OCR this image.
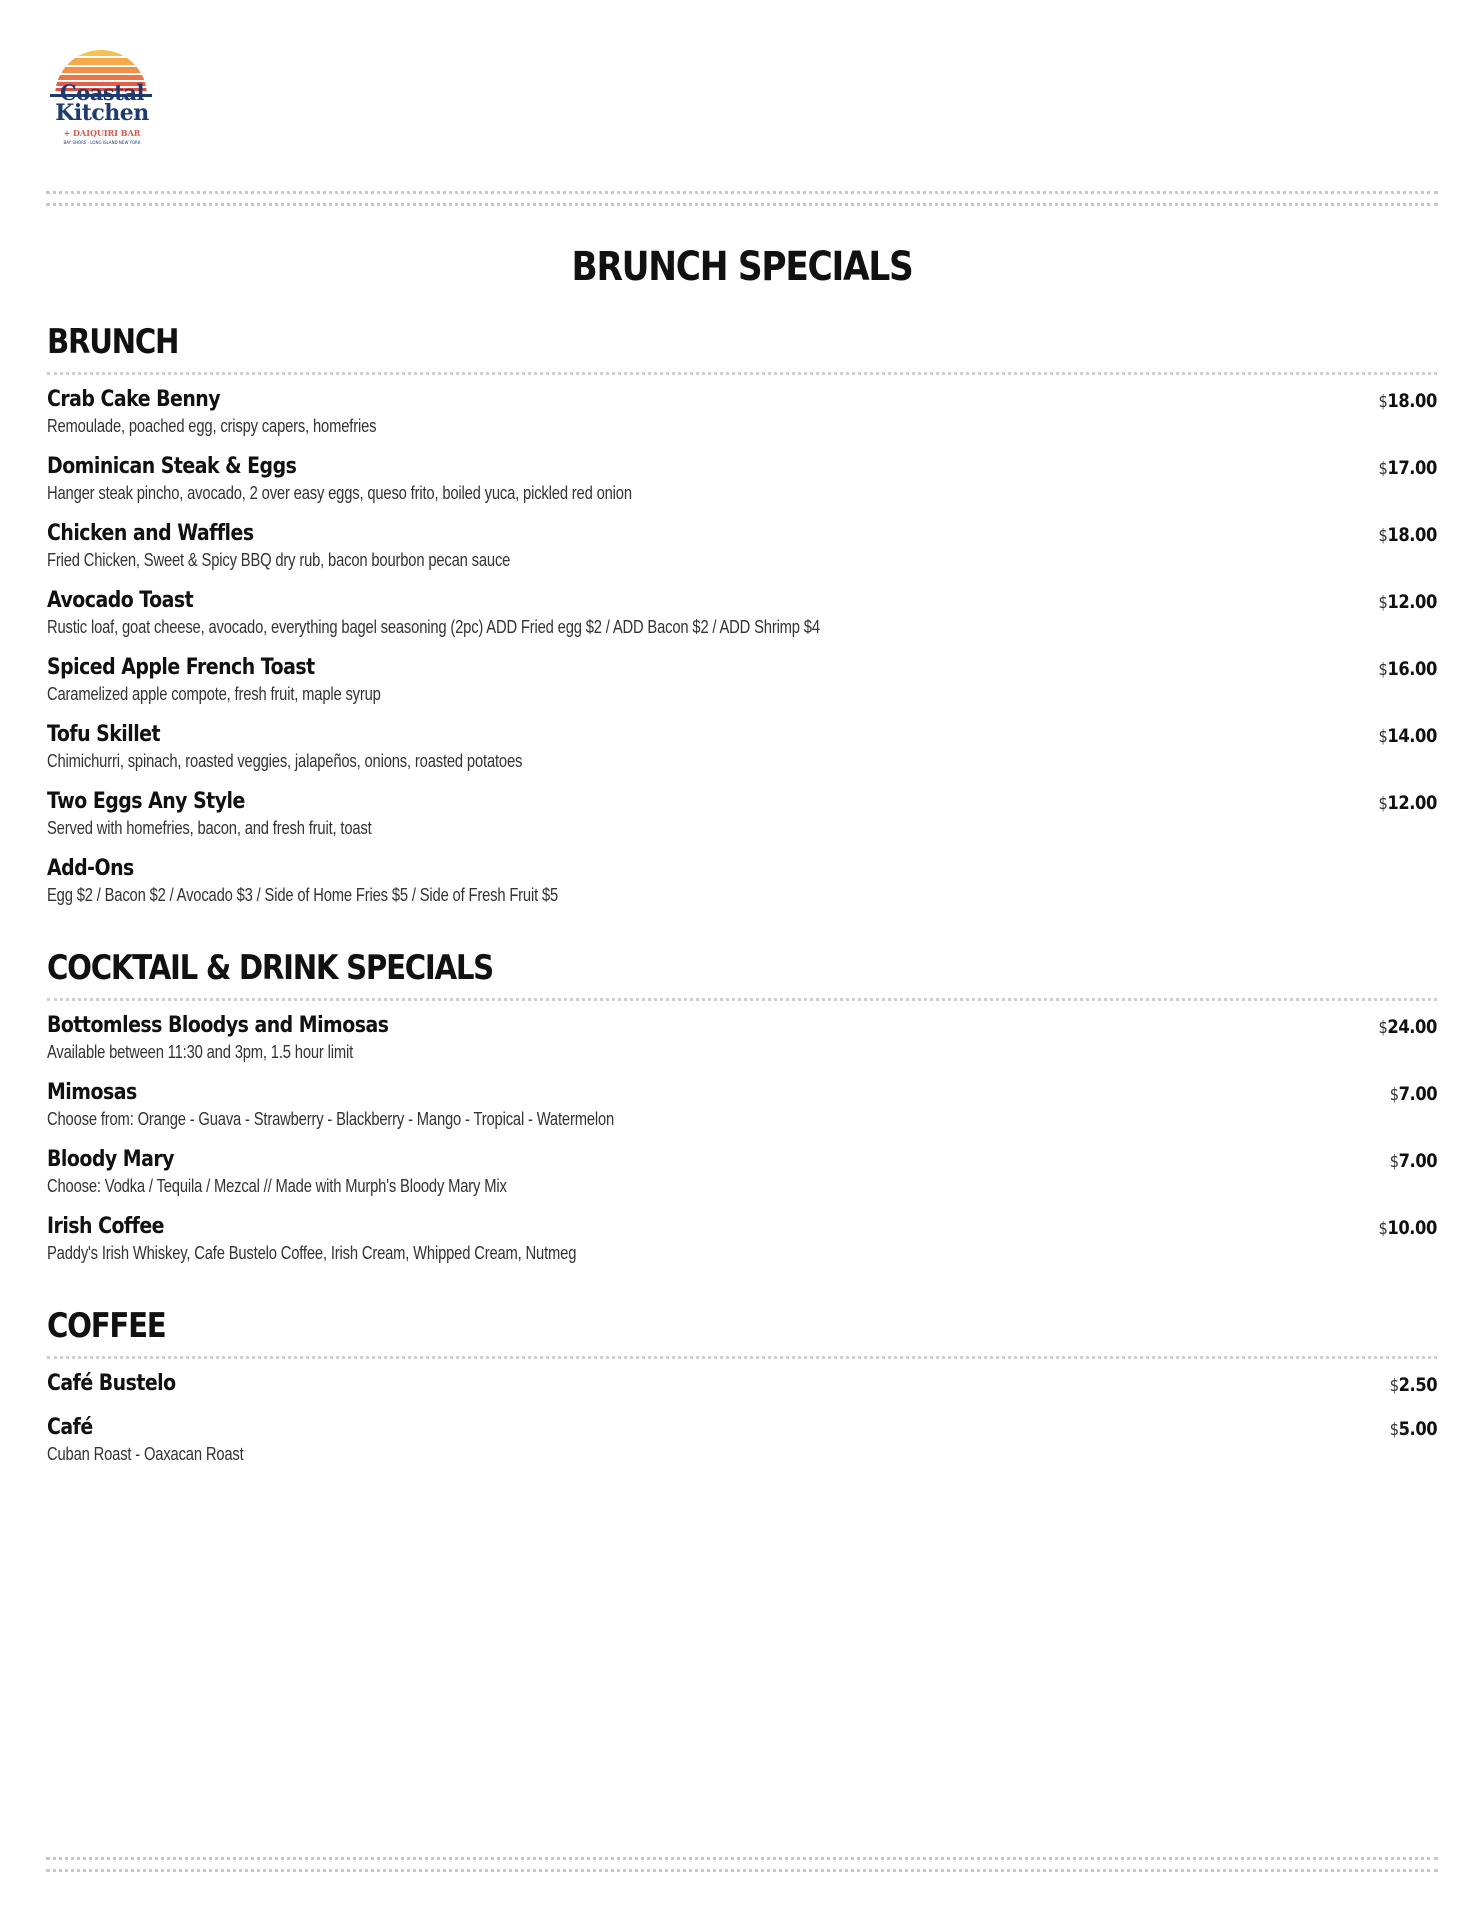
Coastal
Kitchen
+ DAIQUIRI BAR
BAY SHORE · LONG ISLAND NEW YORK
BRUNCH SPECIALS
BRUNCH
Crab Cake Benny
Remoulade, poached egg, crispy capers, homefries
$18.00
Dominican Steak & Eggs
Hanger steak pincho, avocado, 2 over easy eggs, queso frito, boiled yuca, pickled red onion
$17.00
Chicken and Waffles
Fried Chicken, Sweet & Spicy BBQ dry rub, bacon bourbon pecan sauce
$18.00
Avocado Toast
Rustic loaf, goat cheese, avocado, everything bagel seasoning (2pc) ADD Fried egg $2 / ADD Bacon $2 / ADD Shrimp $4
$12.00
Spiced Apple French Toast
Caramelized apple compote, fresh fruit, maple syrup
$16.00
Tofu Skillet
Chimichurri, spinach, roasted veggies, jalapeños, onions, roasted potatoes
$14.00
Two Eggs Any Style
Served with homefries, bacon, and fresh fruit, toast
$12.00
Add-Ons
Egg $2 / Bacon $2 / Avocado $3 / Side of Home Fries $5 / Side of Fresh Fruit $5
COCKTAIL & DRINK SPECIALS
Bottomless Bloodys and Mimosas
Available between 11:30 and 3pm, 1.5 hour limit
$24.00
Mimosas
Choose from: Orange - Guava - Strawberry - Blackberry - Mango - Tropical - Watermelon
$7.00
Bloody Mary
Choose: Vodka / Tequila / Mezcal // Made with Murph's Bloody Mary Mix
$7.00
Irish Coffee
Paddy's Irish Whiskey, Cafe Bustelo Coffee, Irish Cream, Whipped Cream, Nutmeg
$10.00
COFFEE
Café Bustelo	$2.50
Café
Cuban Roast - Oaxacan Roast
$5.00
